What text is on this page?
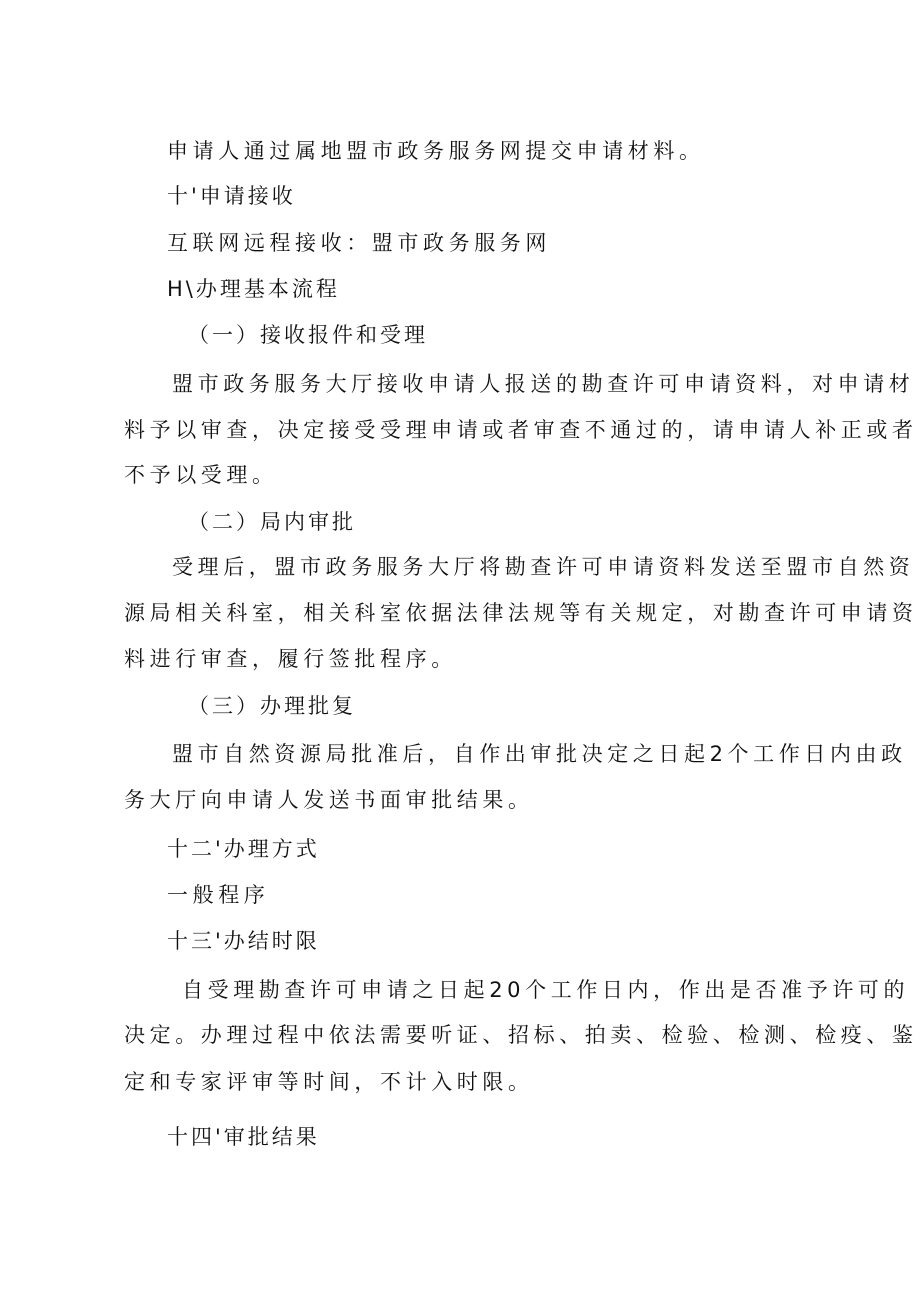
申请人通过属地盟市政务服务网提交申请材料。
十'申请接收
互联网远程接收：盟市政务服务网
H\办理基本流程
（一）接收报件和受理
盟市政务服务大厅接收申请人报送的勘查许可申请资料，对申请材
料予以审查，决定接受受理申请或者审查不通过的，请申请人补正或者
不予以受理。
（二）局内审批
受理后，盟市政务服务大厅将勘查许可申请资料发送至盟市自然资
源局相关科室，相关科室依据法律法规等有关规定，对勘查许可申请资
料进行审查，履行签批程序。
（三）办理批复
盟市自然资源局批准后，自作出审批决定之日起2个工作日内由政
务大厅向申请人发送书面审批结果。
十二'办理方式
一般程序
十三'办结时限
自受理勘查许可申请之日起20个工作日内，作出是否准予许可的
决定。办理过程中依法需要听证、招标、拍卖、检验、检测、检疫、鉴
定和专家评审等时间，不计入时限。
十四'审批结果
